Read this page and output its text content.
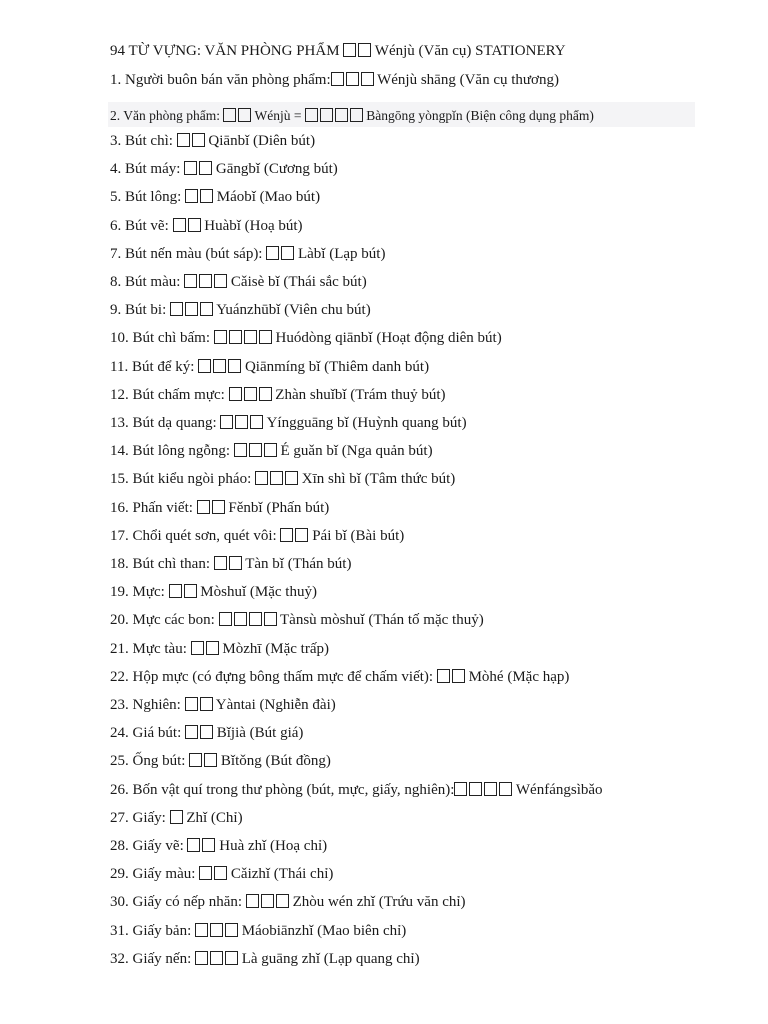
94 TỪ VỰNG: VĂN PHÒNG PHẨM  Wénjù (Văn cụ) STATIONERY

1. Người buôn bán văn phòng phẩm:	Wénjù shāng (Văn cụ thương)

2. Văn phòng phẩm:  Wénjù =	Bàngōng yòngpǐn (Biện công dụng phẩm)

3. Bút chì:  Qiānbǐ (Diên bút)

4. Bút máy:  Gāngbǐ (Cương bút)

5. Bút lông:  Máobǐ (Mao bút)

6. Bút vẽ:  Huàbǐ (Hoạ bút)

7. Bút nến màu (bút sáp):  Làbǐ (Lạp bút)

8. Bút màu:	Cǎisè bǐ (Thái sắc bút)

9. Bút bi:	Yuánzhūbǐ (Viên chu bút)

10. Bút chì bấm:	Huódòng qiānbǐ (Hoạt động diên bút)

11. Bút để ký:	Qiānmíng bǐ (Thiêm danh bút)

12. Bút chấm mực:	Zhàn shuǐbǐ (Trám thuỷ bút)

13. Bút dạ quang:	Yíngguāng bǐ (Huỳnh quang bút)

14. Bút lông ngỗng:	É guǎn bǐ (Nga quản bút)

15. Bút kiểu ngòi pháo:	Xīn shì bǐ (Tâm thức bút)

16. Phấn viết:  Fěnbǐ (Phấn bút)

17. Chổi quét sơn, quét vôi:  Pái bǐ (Bài bút)

18. Bút chì than:  Tàn bǐ (Thán bút)

19. Mực:  Mòshuǐ (Mặc thuỷ)

20. Mực các bon:	Tànsù mòshuǐ (Thán tố mặc thuỷ)

21. Mực tàu:  Mòzhī (Mặc trấp)

22. Hộp mực (có đựng bông thấm mực để chấm viết):  Mòhé (Mặc hạp)

23. Nghiên:  Yàntai (Nghiễn đài)

24. Giá bút:  Bǐjià (Bút giá)

25. Ống bút:  Bǐtǒng (Bút đồng)

26. Bốn vật quí trong thư phòng (bút, mực, giấy, nghiên):	Wénfángsìbǎo

27. Giấy:  Zhǐ (Chỉ)

28. Giấy vẽ:  Huà zhǐ (Hoạ chỉ)

29. Giấy màu:  Cǎizhǐ (Thái chỉ)

30. Giấy có nếp nhăn:	Zhòu wén zhǐ (Trứu văn chỉ)

31. Giấy bản:	Máobiānzhǐ (Mao biên chỉ)

32. Giấy nến:	Là guāng zhǐ (Lạp quang chỉ)
